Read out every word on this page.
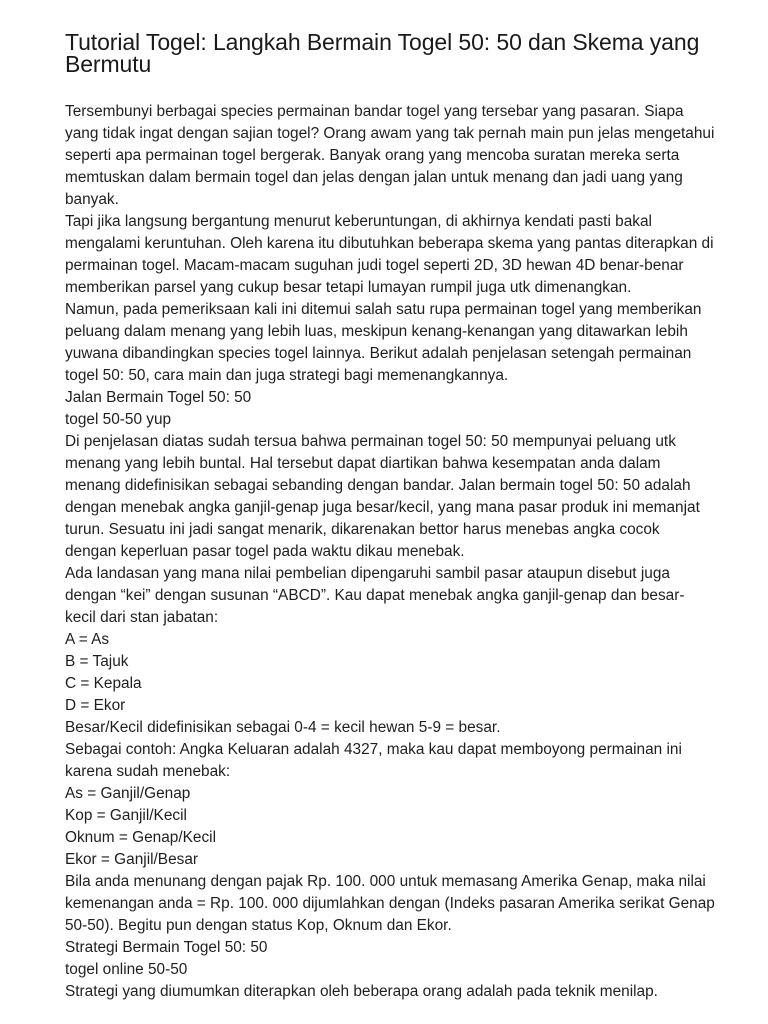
Tutorial Togel: Langkah Bermain Togel 50: 50 dan Skema yang Bermutu

Tersembunyi berbagai species permainan bandar togel yang tersebar yang pasaran. Siapa yang tidak ingat dengan sajian togel? Orang awam yang tak pernah main pun jelas mengetahui seperti apa permainan togel bergerak. Banyak orang yang mencoba suratan mereka serta memtuskan dalam bermain togel dan jelas dengan jalan untuk menang dan jadi uang yang banyak.

Tapi jika langsung bergantung menurut keberuntungan, di akhirnya kendati pasti bakal mengalami keruntuhan. Oleh karena itu dibutuhkan beberapa skema yang pantas diterapkan di permainan togel. Macam-macam suguhan judi togel seperti 2D, 3D hewan 4D benar-benar memberikan parsel yang cukup besar tetapi lumayan rumpil juga utk dimenangkan.

Namun, pada pemeriksaan kali ini ditemui salah satu rupa permainan togel yang memberikan peluang dalam menang yang lebih luas, meskipun kenang-kenangan yang ditawarkan lebih yuwana dibandingkan species togel lainnya. Berikut adalah penjelasan setengah permainan togel 50: 50, cara main dan juga strategi bagi memenangkannya.

Jalan Bermain Togel 50: 50

togel 50-50 yup

Di penjelasan diatas sudah tersua bahwa permainan togel 50: 50 mempunyai peluang utk menang yang lebih buntal. Hal tersebut dapat diartikan bahwa kesempatan anda dalam menang didefinisikan sebagai sebanding dengan bandar. Jalan bermain togel 50: 50 adalah dengan menebak angka ganjil-genap juga besar/kecil, yang mana pasar produk ini memanjat turun. Sesuatu ini jadi sangat menarik, dikarenakan bettor harus menebas angka cocok dengan keperluan pasar togel pada waktu dikau menebak.

Ada landasan yang mana nilai pembelian dipengaruhi sambil pasar ataupun disebut juga dengan “kei” dengan susunan “ABCD”. Kau dapat menebak angka ganjil-genap dan besar-kecil dari stan jabatan:

A = As

B = Tajuk

C = Kepala

D = Ekor

Besar/Kecil didefinisikan sebagai 0-4 = kecil hewan 5-9 = besar.

Sebagai contoh: Angka Keluaran adalah 4327, maka kau dapat memboyong permainan ini karena sudah menebak:

As = Ganjil/Genap

Kop = Ganjil/Kecil

Oknum = Genap/Kecil

Ekor = Ganjil/Besar

Bila anda menunang dengan pajak Rp. 100. 000 untuk memasang Amerika Genap, maka nilai kemenangan anda = Rp. 100. 000 dijumlahkan dengan (Indeks pasaran Amerika serikat Genap 50-50). Begitu pun dengan status Kop, Oknum dan Ekor.

Strategi Bermain Togel 50: 50

togel online 50-50

Strategi yang diumumkan diterapkan oleh beberapa orang adalah pada teknik menilap.
